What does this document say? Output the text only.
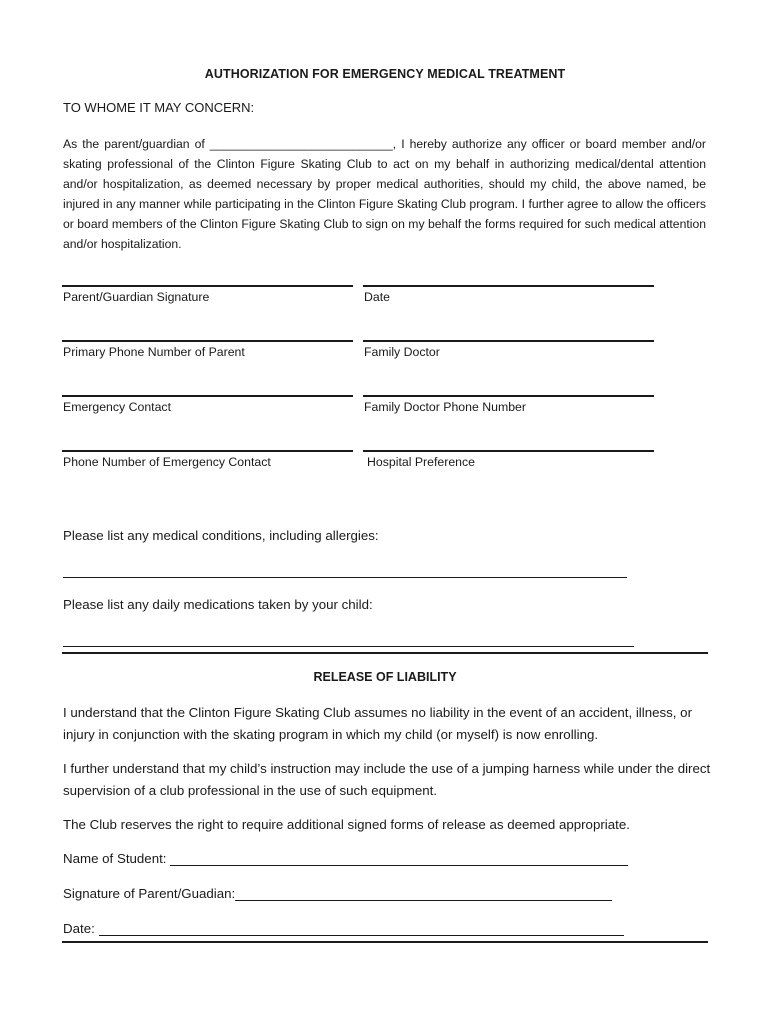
AUTHORIZATION FOR EMERGENCY MEDICAL TREATMENT
TO WHOME IT MAY CONCERN:
As the parent/guardian of ___________________________, I hereby authorize any officer or board member and/or skating professional of the Clinton Figure Skating Club to act on my behalf in authorizing medical/dental attention and/or hospitalization, as deemed necessary by proper medical authorities, should my child, the above named, be injured in any manner while participating in the Clinton Figure Skating Club program. I further agree to allow the officers or board members of the Clinton Figure Skating Club to sign on my behalf the forms required for such medical attention and/or hospitalization.
Parent/Guardian Signature	Date
Primary Phone Number of Parent	Family Doctor
Emergency Contact	Family Doctor Phone Number
Phone Number of Emergency Contact	Hospital Preference
Please list any medical conditions, including allergies:
Please list any daily medications taken by your child:
RELEASE OF LIABILITY
I understand that the Clinton Figure Skating Club assumes no liability in the event of an accident, illness, or injury in conjunction with the skating program in which my child (or myself) is now enrolling.
I further understand that my child’s instruction may include the use of a jumping harness while under the direct supervision of a club professional in the use of such equipment.
The Club reserves the right to require additional signed forms of release as deemed appropriate.
Name of Student:
Signature of Parent/Guadian:
Date:
